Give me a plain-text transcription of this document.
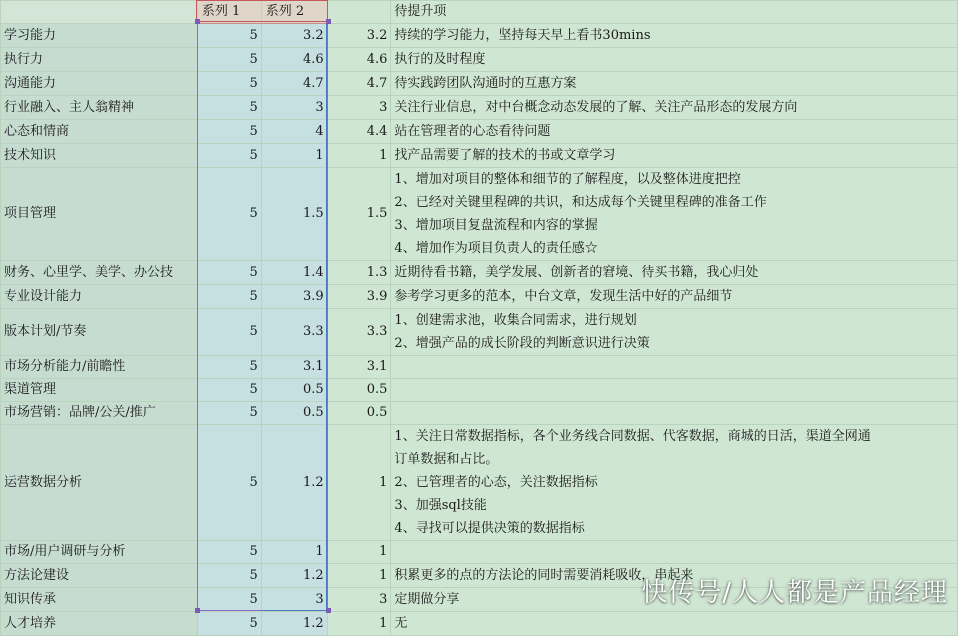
	系列 1	系列 2		待提升项
学习能力	5	3.2	3.2	持续的学习能力，坚持每天早上看书30mins

执行力	5	4.6	4.6	执行的及时程度

沟通能力	5	4.7	4.7	待实践跨团队沟通时的互惠方案

行业融入、主人翁精神	5	3	3	关注行业信息，对中台概念动态发展的了解、关注产品形态的发展方向

心态和情商	5	4	4.4	站在管理者的心态看待问题

技术知识	5	1	1	找产品需要了解的技术的书或文章学习

项目管理	5	1.5	1.5	1、增加对项目的整体和细节的了解程度，以及整体进度把控
2、已经对关键里程碑的共识，和达成每个关键里程碑的准备工作
3、增加项目复盘流程和内容的掌握
4、增加作为项目负责人的责任感☆

财务、心里学、美学、办公技	5	1.4	1.3	近期待看书籍，美学发展、创新者的窘境、待买书籍，我心归处

专业设计能力	5	3.9	3.9	参考学习更多的范本，中台文章，发现生活中好的产品细节

版本计划/节奏	5	3.3	3.3	1、创建需求池，收集合同需求，进行规划
2、增强产品的成长阶段的判断意识进行决策

市场分析能力/前瞻性	5	3.1	3.1	

渠道管理	5	0.5	0.5	

市场营销：品牌/公关/推广	5	0.5	0.5	

运营数据分析	5	1.2	1	1、关注日常数据指标，各个业务线合同数据、代客数据，商城的日活，渠道全网通
订单数据和占比。
2、已管理者的心态，关注数据指标
3、加强sql技能
4、寻找可以提供决策的数据指标

市场/用户调研与分析	5	1	1	

方法论建设	5	1.2	1	积累更多的点的方法论的同时需要消耗吸收，串起来

知识传承	5	3	3	定期做分享

人才培养	5	1.2	1	无
快传号/人人都是产品经理
